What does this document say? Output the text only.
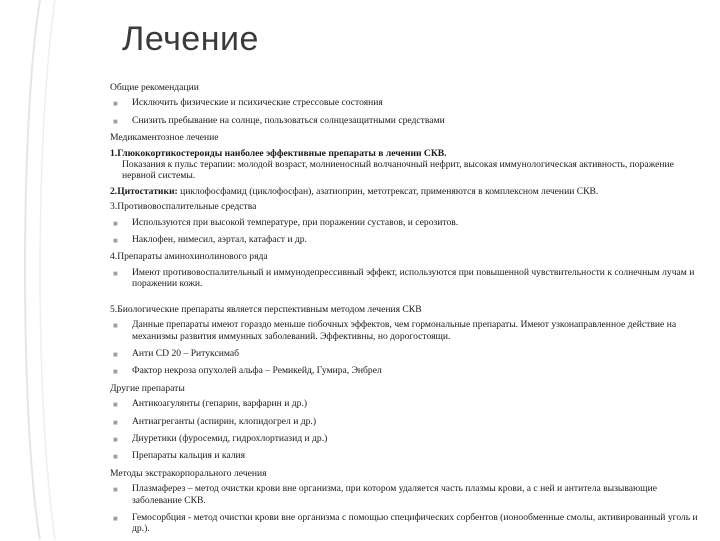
Лечение

Общие рекомендации

■ Исключить физические и психические стрессовые состояния
■ Снизить пребывание на солнце, пользоваться солнцезащитными средствами

Медикаментозное лечение

1.Глюкокортикостероиды наиболее эффективные препараты в лечении СКВ.

Показания к пульс терапии: молодой возраст, молниеносный волчаночный нефрит, высокая иммунологическая активность, поражение нервной системы.

2.Цитостатики: циклофосфамид (циклофосфан), азатиоприн, метотрексат, применяются в комплексном лечении СКВ.

3.Противовоспалительные средства

■ Используются при высокой температуре, при поражении суставов, и серозитов.
■ Наклофен, нимесил, аэртал, катафаст и др.

4.Препараты аминохинолинового ряда

■ Имеют противовоспалительный и иммунодепрессивный эффект, используются при повышенной чувствительности к солнечным лучам и поражении кожи.

5.Биологические препараты является перспективным методом лечения СКВ

■ Данные препараты имеют гораздо меньше побочных эффектов, чем гормональные препараты. Имеют узконаправленное действие на механизмы развития иммунных заболеваний. Эффективны, но дорогостоящи.
■ Анти CD 20 – Ритуксимаб
■ Фактор некроза опухолей альфа – Ремикейд, Гумира, Энбрел

Другие препараты

■ Антикоагулянты (гепарин, варфарин и др.)
■ Антиагреганты (аспирин, клопидогрел и др.)
■ Диуретики (фуросемид, гидрохлортиазид и др.)
■ Препараты кальция и калия

Методы экстракорпорального лечения

■ Плазмаферез – метод очистки крови вне организма, при котором удаляется часть плазмы крови, а с ней и антитела вызывающие заболевание СКВ.
■ Гемосорбция - метод очистки крови вне организма с помощью специфических сорбентов (ионообменные смолы, активированный уголь и др.).
